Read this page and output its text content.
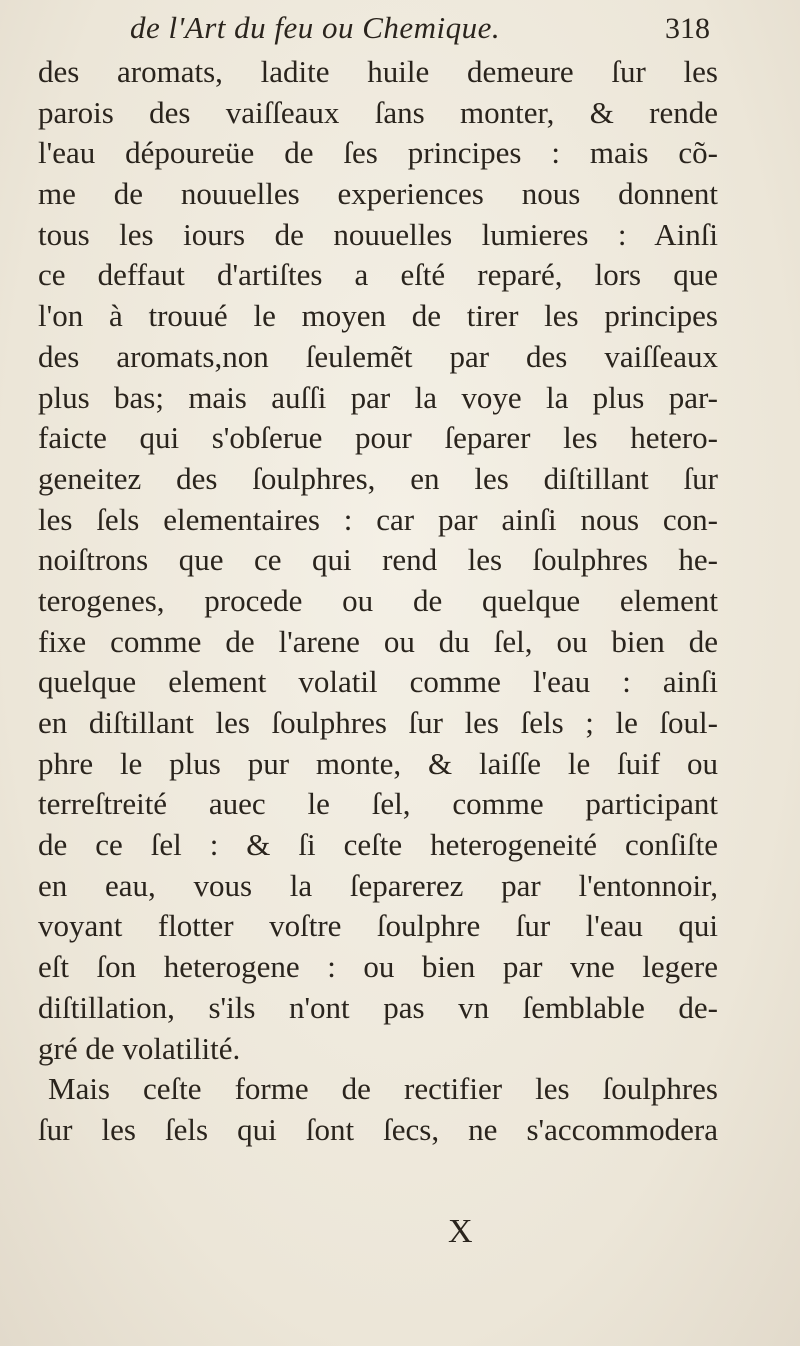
de l'Art du feu ou Chemique.	318
des aromats, ladite huile demeure ſur les
parois des vaiſſeaux ſans monter, & rende
l'eau dépoureüe de ſes principes : mais cõ-
me de nouuelles experiences nous donnent
tous les iours de nouuelles lumieres : Ainſi
ce deffaut d'artiſtes a eſté reparé, lors que
l'on à trouué le moyen de tirer les principes
des aromats,non ſeulemẽt par des vaiſſeaux
plus bas; mais auſſi par la voye la plus par-
faicte qui s'obſerue pour ſeparer les hetero-
geneitez des ſoulphres, en les diſtillant ſur
les ſels elementaires : car par ainſi nous con-
noiſtrons que ce qui rend les ſoulphres he-
terogenes, procede ou de quelque element
fixe comme de l'arene ou du ſel, ou bien de
quelque element volatil comme l'eau : ainſi
en diſtillant les ſoulphres ſur les ſels ; le ſoul-
phre le plus pur monte, & laiſſe le ſuif ou
terreſtreité auec le ſel, comme participant
de ce ſel : & ſi ceſte heterogeneité conſiſte
en eau, vous la ſeparerez par l'entonnoir,
voyant flotter voſtre ſoulphre ſur l'eau qui
eſt ſon heterogene : ou bien par vne legere
diſtillation, s'ils n'ont pas vn ſemblable de-
gré de volatilité.
Mais ceſte forme de rectifier les ſoulphres
ſur les ſels qui ſont ſecs, ne s'accommodera
X
